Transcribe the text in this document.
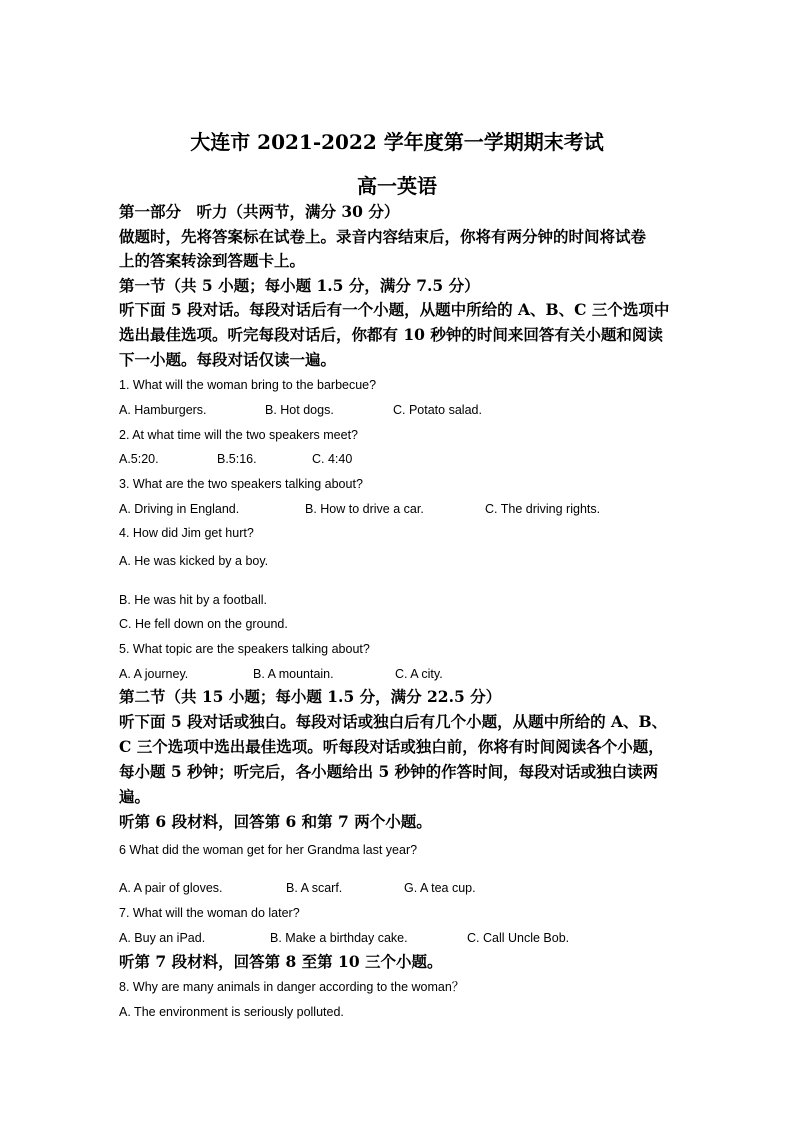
大连市 2021-2022 学年度第一学期期末考试
高一英语
第一部分　听力（共两节，满分 30 分）
做题时，先将答案标在试卷上。录音内容结束后，你将有两分钟的时间将试卷
上的答案转涂到答题卡上。
第一节（共 5 小题；每小题 1.5 分，满分 7.5 分）
听下面 5 段对话。每段对话后有一个小题，从题中所给的 A、B、C 三个选项中
选出最佳选项。听完每段对话后，你都有 10 秒钟的时间来回答有关小题和阅读
下一小题。每段对话仅读一遍。
1. What will the woman bring to the barbecue?
A. Hamburgers.	B. Hot dogs.	C. Potato salad.
2. At what time will the two speakers meet?
A.5:20.	B.5:16.	C. 4:40
3. What are the two speakers talking about?
A. Driving in England.	B. How to drive a car.	C. The driving rights.
4. How did Jim get hurt?
A. He was kicked by a boy.
B. He was hit by a football.
C. He fell down on the ground.
5. What topic are the speakers talking about?
A. A journey.	B. A mountain.	C. A city.
第二节（共 15 小题；每小题 1.5 分，满分 22.5 分）
听下面 5 段对话或独白。每段对话或独白后有几个小题，从题中所给的 A、B、
C 三个选项中选出最佳选项。听每段对话或独白前，你将有时间阅读各个小题，
每小题 5 秒钟；听完后，各小题给出 5 秒钟的作答时间，每段对话或独白读两
遍。
听第 6 段材料，回答第 6 和第 7 两个小题。
6 What did the woman get for her Grandma last year?
A. A pair of gloves.	B. A scarf.	G. A tea cup.
7. What will the woman do later?
A. Buy an iPad.	B. Make a birthday cake.	C. Call Uncle Bob.
听第 7 段材料，回答第 8 至第 10 三个小题。
8. Why are many animals in danger according to the woman？
A. The environment is seriously polluted.
